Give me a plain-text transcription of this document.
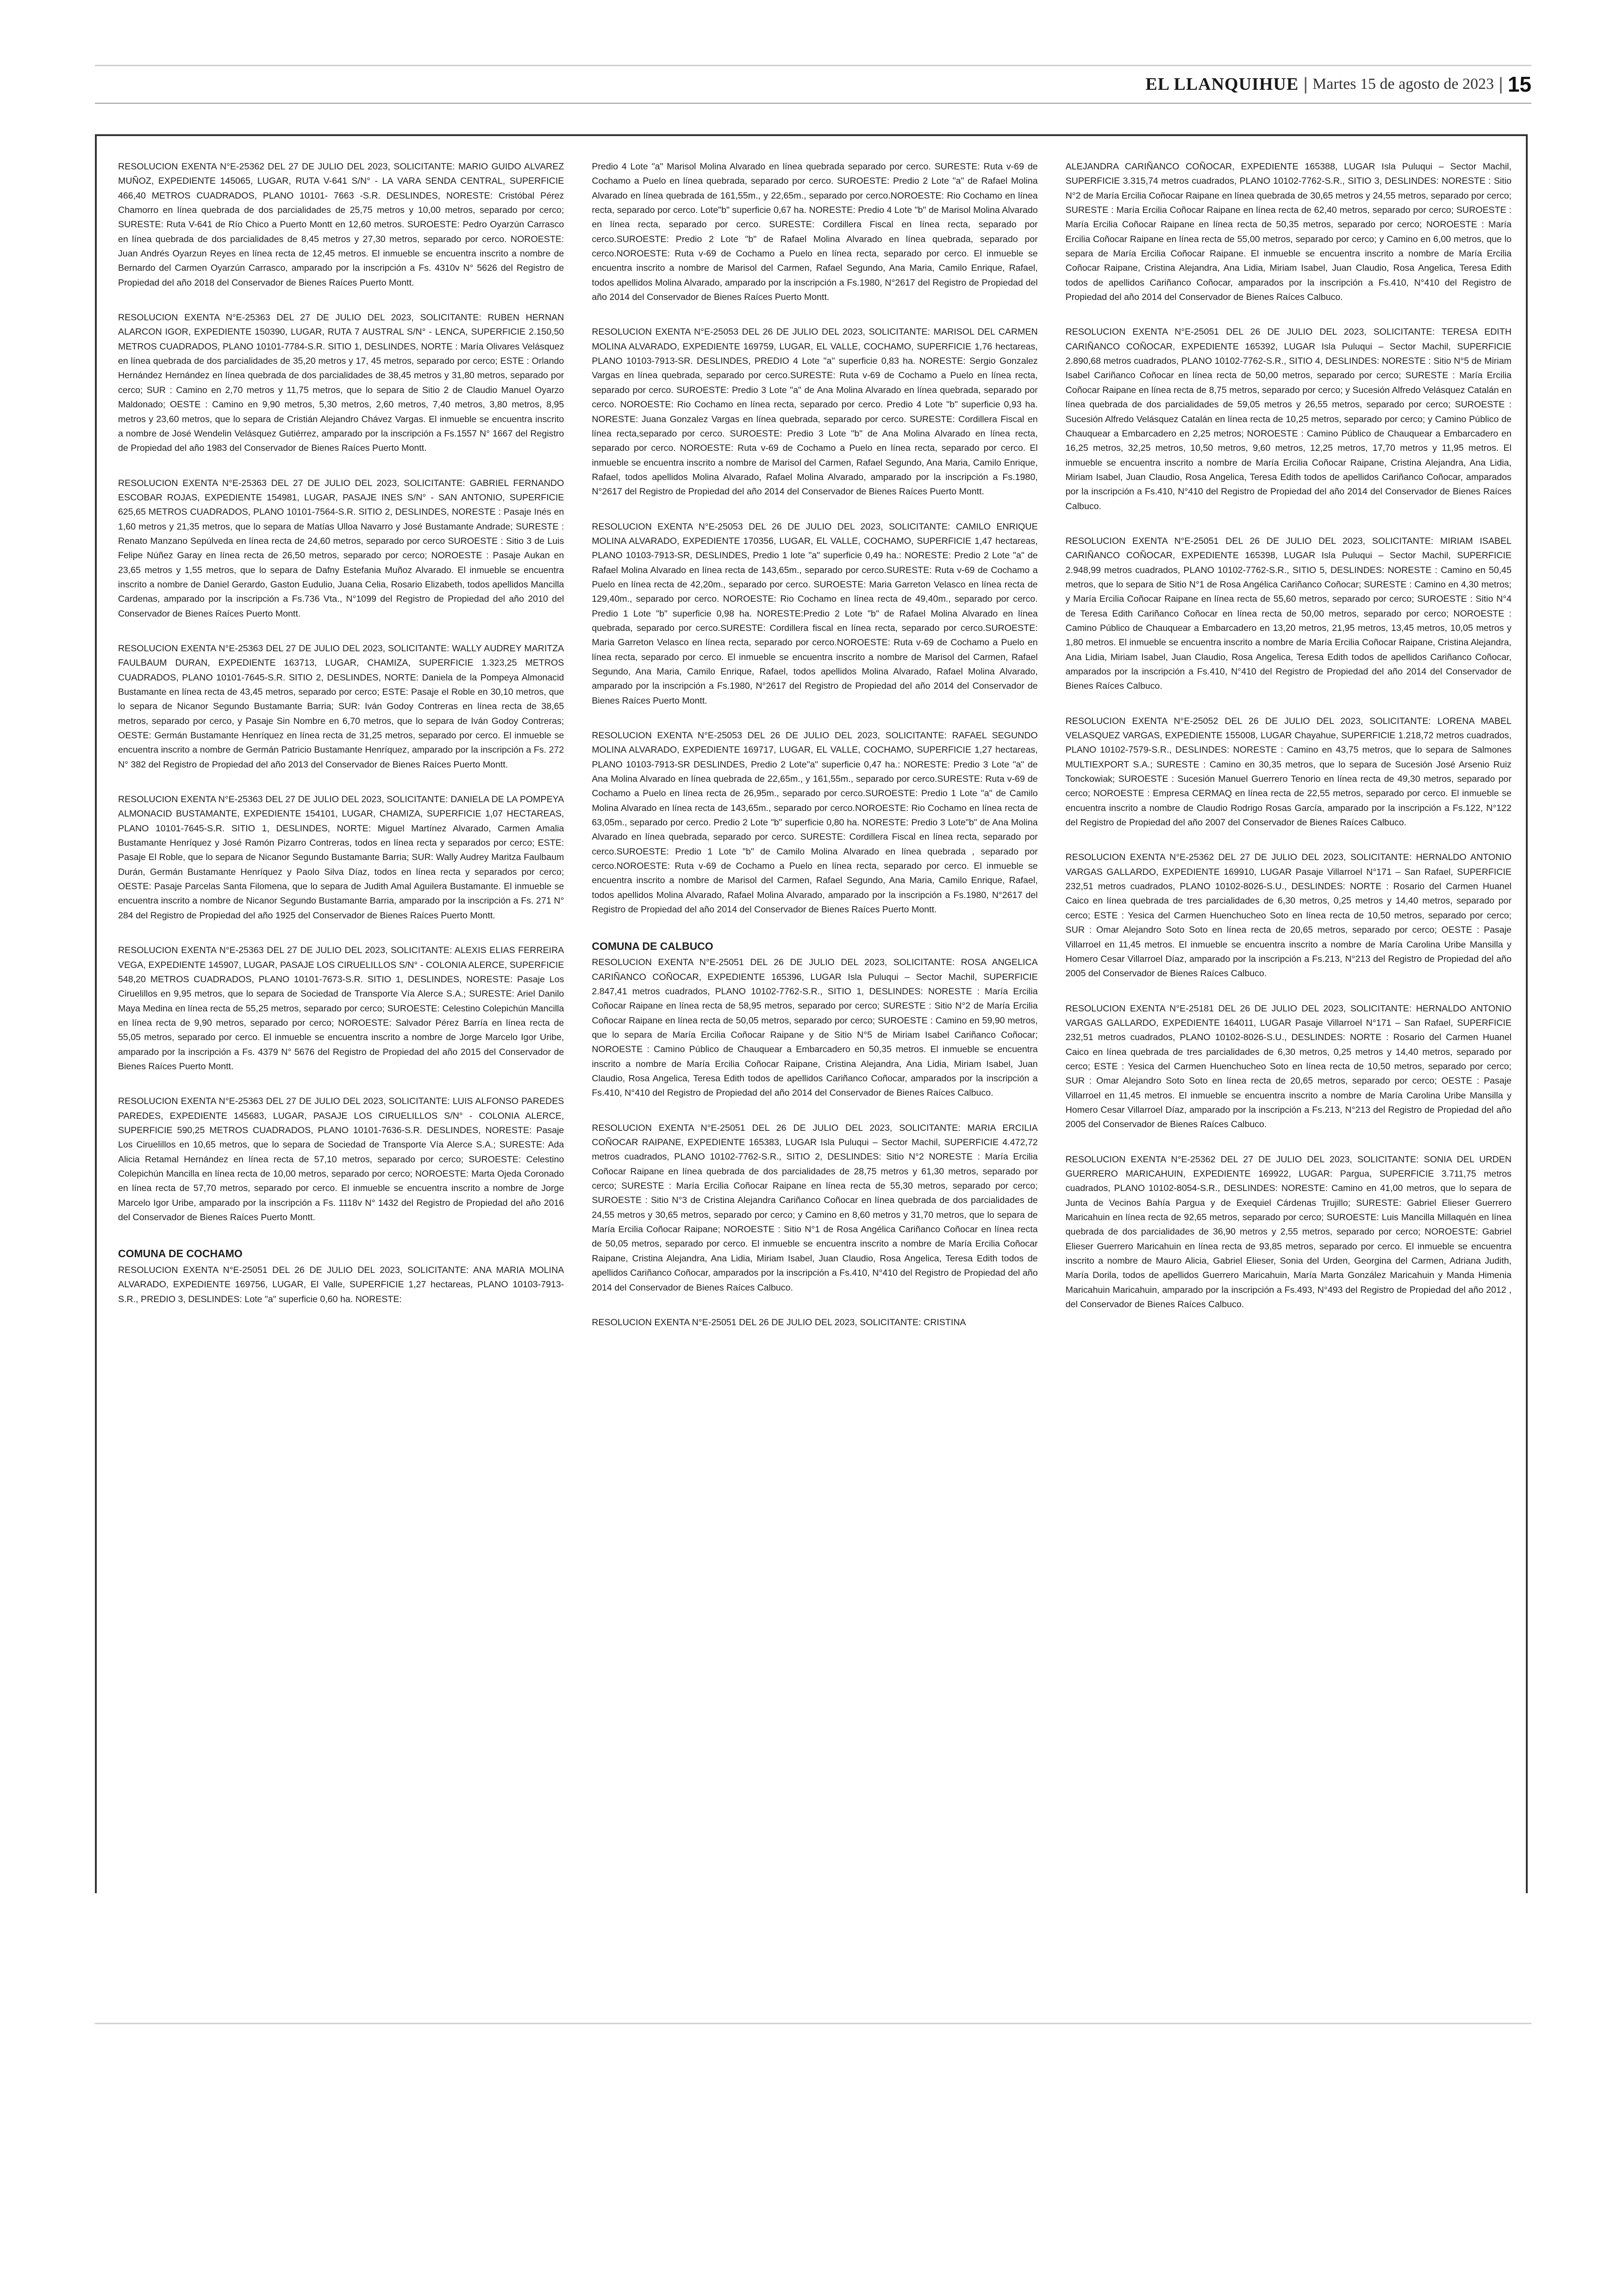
EL LLANQUIHUE | Martes 15 de agosto de 2023 | 15

RESOLUCION EXENTA N°E-25362 DEL 27 DE JULIO DEL 2023, SOLICITANTE: MARIO GUIDO ALVAREZ MUÑOZ, EXPEDIENTE 145065, LUGAR, RUTA V-641 S/N° - LA VARA SENDA CENTRAL, SUPERFICIE 466,40 METROS CUADRADOS, PLANO 10101- 7663 -S.R. DESLINDES, NORESTE: Cristóbal Pérez Chamorro en línea quebrada de dos parcialidades de 25,75 metros y 10,00 metros, separado por cerco; SURESTE: Ruta V-641 de Río Chico a Puerto Montt en 12,60 metros. SUROESTE: Pedro Oyarzún Carrasco en línea quebrada de dos parcialidades de 8,45 metros y 27,30 metros, separado por cerco. NOROESTE: Juan Andrés Oyarzun Reyes en línea recta de 12,45 metros. El inmueble se encuentra inscrito a nombre de Bernardo del Carmen Oyarzún Carrasco, amparado por la inscripción a Fs. 4310v N° 5626 del Registro de Propiedad del año 2018 del Conservador de Bienes Raíces Puerto Montt.

RESOLUCION EXENTA N°E-25363 DEL 27 DE JULIO DEL 2023, SOLICITANTE: RUBEN HERNAN ALARCON IGOR, EXPEDIENTE 150390, LUGAR, RUTA 7 AUSTRAL S/N° - LENCA, SUPERFICIE 2.150,50 METROS CUADRADOS, PLANO 10101-7784-S.R. SITIO 1, DESLINDES, NORTE : María Olivares Velásquez en línea quebrada de dos parcialidades de 35,20 metros y 17, 45 metros, separado por cerco; ESTE : Orlando Hernández Hernández en línea quebrada de dos parcialidades de 38,45 metros y 31,80 metros, separado por cerco; SUR : Camino en 2,70 metros y 11,75 metros, que lo separa de Sitio 2 de Claudio Manuel Oyarzo Maldonado; OESTE : Camino en 9,90 metros, 5,30 metros, 2,60 metros, 7,40 metros, 3,80 metros, 8,95 metros y 23,60 metros, que lo separa de Cristián Alejandro Chávez Vargas. El inmueble se encuentra inscrito a nombre de José Wendelin Velásquez Gutiérrez, amparado por la inscripción a Fs.1557 N° 1667 del Registro de Propiedad del año 1983 del Conservador de Bienes Raíces Puerto Montt.

RESOLUCION EXENTA N°E-25363 DEL 27 DE JULIO DEL 2023, SOLICITANTE: GABRIEL FERNANDO ESCOBAR ROJAS, EXPEDIENTE 154981, LUGAR, PASAJE INES S/N° - SAN ANTONIO, SUPERFICIE 625,65 METROS CUADRADOS, PLANO 10101-7564-S.R. SITIO 2, DESLINDES, NORESTE : Pasaje Inés en 1,60 metros y 21,35 metros, que lo separa de Matías Ulloa Navarro y José Bustamante Andrade; SURESTE : Renato Manzano Sepúlveda en línea recta de 24,60 metros, separado por cerco SUROESTE : Sitio 3 de Luis Felipe Núñez Garay en línea recta de 26,50 metros, separado por cerco; NOROESTE : Pasaje Aukan en 23,65 metros y 1,55 metros, que lo separa de Dafny Estefania Muñoz Alvarado. El inmueble se encuentra inscrito a nombre de Daniel Gerardo, Gaston Eudulio, Juana Celia, Rosario Elizabeth, todos apellidos Mancilla Cardenas, amparado por la inscripción a Fs.736 Vta., N°1099 del Registro de Propiedad del año 2010 del Conservador de Bienes Raíces Puerto Montt.

RESOLUCION EXENTA N°E-25363 DEL 27 DE JULIO DEL 2023, SOLICITANTE: WALLY AUDREY MARITZA FAULBAUM DURAN, EXPEDIENTE 163713, LUGAR, CHAMIZA, SUPERFICIE 1.323,25 METROS CUADRADOS, PLANO 10101-7645-S.R. SITIO 2, DESLINDES, NORTE: Daniela de la Pompeya Almonacid Bustamante en línea recta de 43,45 metros, separado por cerco; ESTE: Pasaje el Roble en 30,10 metros, que lo separa de Nicanor Segundo Bustamante Barria; SUR: Iván Godoy Contreras en línea recta de 38,65 metros, separado por cerco, y Pasaje Sin Nombre en 6,70 metros, que lo separa de Iván Godoy Contreras; OESTE: Germán Bustamante Henríquez en línea recta de 31,25 metros, separado por cerco. El inmueble se encuentra inscrito a nombre de Germán Patricio Bustamante Henríquez, amparado por la inscripción a Fs. 272 N° 382 del Registro de Propiedad del año 2013 del Conservador de Bienes Raíces Puerto Montt.

RESOLUCION EXENTA N°E-25363 DEL 27 DE JULIO DEL 2023, SOLICITANTE: DANIELA DE LA POMPEYA ALMONACID BUSTAMANTE, EXPEDIENTE 154101, LUGAR, CHAMIZA, SUPERFICIE 1,07 HECTAREAS, PLANO 10101-7645-S.R. SITIO 1, DESLINDES, NORTE: Miguel Martínez Alvarado, Carmen Amalia Bustamante Henríquez y José Ramón Pizarro Contreras, todos en línea recta y separados por cerco; ESTE: Pasaje El Roble, que lo separa de Nicanor Segundo Bustamante Barria; SUR: Wally Audrey Maritza Faulbaum Durán, Germán Bustamante Henríquez y Paolo Silva Díaz, todos en línea recta y separados por cerco; OESTE: Pasaje Parcelas Santa Filomena, que lo separa de Judith Amal Aguilera Bustamante. El inmueble se encuentra inscrito a nombre de Nicanor Segundo Bustamante Barria, amparado por la inscripción a Fs. 271 N° 284 del Registro de Propiedad del año 1925 del Conservador de Bienes Raíces Puerto Montt.

RESOLUCION EXENTA N°E-25363 DEL 27 DE JULIO DEL 2023, SOLICITANTE: ALEXIS ELIAS FERREIRA VEGA, EXPEDIENTE 145907, LUGAR, PASAJE LOS CIRUELILLOS S/N° - COLONIA ALERCE, SUPERFICIE 548,20 METROS CUADRADOS, PLANO 10101-7673-S.R. SITIO 1, DESLINDES, NORESTE: Pasaje Los Ciruelillos en 9,95 metros, que lo separa de Sociedad de Transporte Vía Alerce S.A.; SURESTE: Ariel Danilo Maya Medina en línea recta de 55,25 metros, separado por cerco; SUROESTE: Celestino Colepichún Mancilla en línea recta de 9,90 metros, separado por cerco; NOROESTE: Salvador Pérez Barría en línea recta de 55,05 metros, separado por cerco. El inmueble se encuentra inscrito a nombre de Jorge Marcelo Igor Uribe, amparado por la inscripción a Fs. 4379 N° 5676 del Registro de Propiedad del año 2015 del Conservador de Bienes Raíces Puerto Montt.

RESOLUCION EXENTA N°E-25363 DEL 27 DE JULIO DEL 2023, SOLICITANTE: LUIS ALFONSO PAREDES PAREDES, EXPEDIENTE 145683, LUGAR, PASAJE LOS CIRUELILLOS S/N° - COLONIA ALERCE, SUPERFICIE 590,25 METROS CUADRADOS, PLANO 10101-7636-S.R. DESLINDES, NORESTE: Pasaje Los Ciruelillos en 10,65 metros, que lo separa de Sociedad de Transporte Vía Alerce S.A.; SURESTE: Ada Alicia Retamal Hernández en línea recta de 57,10 metros, separado por cerco; SUROESTE: Celestino Colepichún Mancilla en línea recta de 10,00 metros, separado por cerco; NOROESTE: Marta Ojeda Coronado en línea recta de 57,70 metros, separado por cerco. El inmueble se encuentra inscrito a nombre de Jorge Marcelo Igor Uribe, amparado por la inscripción a Fs. 1118v N° 1432 del Registro de Propiedad del año 2016 del Conservador de Bienes Raíces Puerto Montt.

COMUNA DE COCHAMO

RESOLUCION EXENTA N°E-25051 DEL 26 DE JULIO DEL 2023, SOLICITANTE: ANA MARIA MOLINA ALVARADO, EXPEDIENTE 169756, LUGAR, El Valle, SUPERFICIE 1,27 hectareas, PLANO 10103-7913-S.R., PREDIO 3, DESLINDES: Lote "a" superficie 0,60 ha. NORESTE:

Predio 4 Lote "a" Marisol Molina Alvarado en línea quebrada separado por cerco. SURESTE: Ruta v-69 de Cochamo a Puelo en línea quebrada, separado por cerco. SUROESTE: Predio 2 Lote "a" de Rafael Molina Alvarado en línea quebrada de 161,55m., y 22,65m., separado por cerco.NOROESTE: Rio Cochamo en línea recta, separado por cerco. Lote"b" superficie 0,67 ha. NORESTE: Predio 4 Lote "b" de Marisol Molina Alvarado en línea recta, separado por cerco. SURESTE: Cordillera Fiscal en línea recta, separado por cerco.SUROESTE: Predio 2 Lote "b" de Rafael Molina Alvarado en línea quebrada, separado por cerco.NOROESTE: Ruta v-69 de Cochamo a Puelo en línea recta, separado por cerco. El inmueble se encuentra inscrito a nombre de Marisol del Carmen, Rafael Segundo, Ana Maria, Camilo Enrique, Rafael, todos apellidos Molina Alvarado, amparado por la inscripción a Fs.1980, N°2617 del Registro de Propiedad del año 2014 del Conservador de Bienes Raíces Puerto Montt.

RESOLUCION EXENTA N°E-25053 DEL 26 DE JULIO DEL 2023, SOLICITANTE: MARISOL DEL CARMEN MOLINA ALVARADO, EXPEDIENTE 169759, LUGAR, EL VALLE, COCHAMO, SUPERFICIE 1,76 hectareas, PLANO 10103-7913-SR. DESLINDES, PREDIO 4 Lote "a" superficie 0,83 ha. NORESTE: Sergio Gonzalez Vargas en línea quebrada, separado por cerco.SURESTE: Ruta v-69 de Cochamo a Puelo en línea recta, separado por cerco. SUROESTE: Predio 3 Lote "a" de Ana Molina Alvarado en línea quebrada, separado por cerco. NOROESTE: Rio Cochamo en línea recta, separado por cerco. Predio 4 Lote "b" superficie 0,93 ha. NORESTE: Juana Gonzalez Vargas en línea quebrada, separado por cerco. SURESTE: Cordillera Fiscal en línea recta,separado por cerco. SUROESTE: Predio 3 Lote "b" de Ana Molina Alvarado en línea recta, separado por cerco. NOROESTE: Ruta v-69 de Cochamo a Puelo en línea recta, separado por cerco. El inmueble se encuentra inscrito a nombre de Marisol del Carmen, Rafael Segundo, Ana Maria, Camilo Enrique, Rafael, todos apellidos Molina Alvarado, Rafael Molina Alvarado, amparado por la inscripción a Fs.1980, N°2617 del Registro de Propiedad del año 2014 del Conservador de Bienes Raíces Puerto Montt.

RESOLUCION EXENTA N°E-25053 DEL 26 DE JULIO DEL 2023, SOLICITANTE: CAMILO ENRIQUE MOLINA ALVARADO, EXPEDIENTE 170356, LUGAR, EL VALLE, COCHAMO, SUPERFICIE 1,47 hectareas, PLANO 10103-7913-SR, DESLINDES, Predio 1 lote "a" superficie 0,49 ha.: NORESTE: Predio 2 Lote "a" de Rafael Molina Alvarado en línea recta de 143,65m., separado por cerco.SURESTE: Ruta v-69 de Cochamo a Puelo en línea recta de 42,20m., separado por cerco. SUROESTE: Maria Garreton Velasco en línea recta de 129,40m., separado por cerco. NOROESTE: Rio Cochamo en línea recta de 49,40m., separado por cerco. Predio 1 Lote "b" superficie 0,98 ha. NORESTE:Predio 2 Lote "b" de Rafael Molina Alvarado en línea quebrada, separado por cerco.SURESTE: Cordillera fiscal en línea recta, separado por cerco.SUROESTE: Maria Garreton Velasco en línea recta, separado por cerco.NOROESTE: Ruta v-69 de Cochamo a Puelo en línea recta, separado por cerco. El inmueble se encuentra inscrito a nombre de Marisol del Carmen, Rafael Segundo, Ana Maria, Camilo Enrique, Rafael, todos apellidos Molina Alvarado, Rafael Molina Alvarado, amparado por la inscripción a Fs.1980, N°2617 del Registro de Propiedad del año 2014 del Conservador de Bienes Raíces Puerto Montt.

RESOLUCION EXENTA N°E-25053 DEL 26 DE JULIO DEL 2023, SOLICITANTE: RAFAEL SEGUNDO MOLINA ALVARADO, EXPEDIENTE 169717, LUGAR, EL VALLE, COCHAMO, SUPERFICIE 1,27 hectareas, PLANO 10103-7913-SR DESLINDES, Predio 2 Lote"a" superficie 0,47 ha.: NORESTE: Predio 3 Lote "a" de Ana Molina Alvarado en línea quebrada de 22,65m., y 161,55m., separado por cerco.SURESTE: Ruta v-69 de Cochamo a Puelo en línea recta de 26,95m., separado por cerco.SUROESTE: Predio 1 Lote "a" de Camilo Molina Alvarado en línea recta de 143,65m., separado por cerco.NOROESTE: Rio Cochamo en línea recta de 63,05m., separado por cerco. Predio 2 Lote "b" superficie 0,80 ha. NORESTE: Predio 3 Lote"b" de Ana Molina Alvarado en línea quebrada, separado por cerco. SURESTE: Cordillera Fiscal en línea recta, separado por cerco.SUROESTE: Predio 1 Lote "b" de Camilo Molina Alvarado en línea quebrada , separado por cerco.NOROESTE: Ruta v-69 de Cochamo a Puelo en línea recta, separado por cerco. El inmueble se encuentra inscrito a nombre de Marisol del Carmen, Rafael Segundo, Ana Maria, Camilo Enrique, Rafael, todos apellidos Molina Alvarado, Rafael Molina Alvarado, amparado por la inscripción a Fs.1980, N°2617 del Registro de Propiedad del año 2014 del Conservador de Bienes Raíces Puerto Montt.

COMUNA DE CALBUCO

RESOLUCION EXENTA N°E-25051 DEL 26 DE JULIO DEL 2023, SOLICITANTE: ROSA ANGELICA CARIÑANCO COÑOCAR, EXPEDIENTE 165396, LUGAR Isla Puluqui – Sector Machil, SUPERFICIE 2.847,41 metros cuadrados, PLANO 10102-7762-S.R., SITIO 1, DESLINDES: NORESTE : María Ercilia Coñocar Raipane en línea recta de 58,95 metros, separado por cerco; SURESTE : Sitio N°2 de María Ercilia Coñocar Raipane en línea recta de 50,05 metros, separado por cerco; SUROESTE : Camino en 59,90 metros, que lo separa de María Ercilia Coñocar Raipane y de Sitio N°5 de Miriam Isabel Cariñanco Coñocar; NOROESTE : Camino Público de Chauquear a Embarcadero en 50,35 metros. El inmueble se encuentra inscrito a nombre de María Ercilia Coñocar Raipane, Cristina Alejandra, Ana Lidia, Miriam Isabel, Juan Claudio, Rosa Angelica, Teresa Edith todos de apellidos Cariñanco Coñocar, amparados por la inscripción a Fs.410, N°410 del Registro de Propiedad del año 2014 del Conservador de Bienes Raíces Calbuco.

RESOLUCION EXENTA N°E-25051 DEL 26 DE JULIO DEL 2023, SOLICITANTE: MARIA ERCILIA COÑOCAR RAIPANE, EXPEDIENTE 165383, LUGAR Isla Puluqui – Sector Machil, SUPERFICIE 4.472,72 metros cuadrados, PLANO 10102-7762-S.R., SITIO 2, DESLINDES: Sitio N°2 NORESTE : María Ercilia Coñocar Raipane en línea quebrada de dos parcialidades de 28,75 metros y 61,30 metros, separado por cerco; SURESTE : María Ercilia Coñocar Raipane en línea recta de 55,30 metros, separado por cerco; SUROESTE : Sitio N°3 de Cristina Alejandra Cariñanco Coñocar en línea quebrada de dos parcialidades de 24,55 metros y 30,65 metros, separado por cerco; y Camino en 8,60 metros y 31,70 metros, que lo separa de María Ercilia Coñocar Raipane; NOROESTE : Sitio N°1 de Rosa Angélica Cariñanco Coñocar en línea recta de 50,05 metros, separado por cerco. El inmueble se encuentra inscrito a nombre de María Ercilia Coñocar Raipane, Cristina Alejandra, Ana Lidia, Miriam Isabel, Juan Claudio, Rosa Angelica, Teresa Edith todos de apellidos Cariñanco Coñocar, amparados por la inscripción a Fs.410, N°410 del Registro de Propiedad del año 2014 del Conservador de Bienes Raíces Calbuco.

RESOLUCION EXENTA N°E-25051 DEL 26 DE JULIO DEL 2023, SOLICITANTE: CRISTINA

ALEJANDRA CARIÑANCO COÑOCAR, EXPEDIENTE 165388, LUGAR Isla Puluqui – Sector Machil, SUPERFICIE 3.315,74 metros cuadrados, PLANO 10102-7762-S.R., SITIO 3, DESLINDES: NORESTE : Sitio N°2 de María Ercilia Coñocar Raipane en línea quebrada de 30,65 metros y 24,55 metros, separado por cerco; SURESTE : María Ercilia Coñocar Raipane en línea recta de 62,40 metros, separado por cerco; SUROESTE : María Ercilia Coñocar Raipane en línea recta de 50,35 metros, separado por cerco; NOROESTE : María Ercilia Coñocar Raipane en línea recta de 55,00 metros, separado por cerco; y Camino en 6,00 metros, que lo separa de María Ercilia Coñocar Raipane. El inmueble se encuentra inscrito a nombre de María Ercilia Coñocar Raipane, Cristina Alejandra, Ana Lidia, Miriam Isabel, Juan Claudio, Rosa Angelica, Teresa Edith todos de apellidos Cariñanco Coñocar, amparados por la inscripción a Fs.410, N°410 del Registro de Propiedad del año 2014 del Conservador de Bienes Raíces Calbuco.

RESOLUCION EXENTA N°E-25051 DEL 26 DE JULIO DEL 2023, SOLICITANTE: TERESA EDITH CARIÑANCO COÑOCAR, EXPEDIENTE 165392, LUGAR Isla Puluqui – Sector Machil, SUPERFICIE 2.890,68 metros cuadrados, PLANO 10102-7762-S.R., SITIO 4, DESLINDES: NORESTE : Sitio N°5 de Miriam Isabel Cariñanco Coñocar en línea recta de 50,00 metros, separado por cerco; SURESTE : María Ercilia Coñocar Raipane en línea recta de 8,75 metros, separado por cerco; y Sucesión Alfredo Velásquez Catalán en línea quebrada de dos parcialidades de 59,05 metros y 26,55 metros, separado por cerco; SUROESTE : Sucesión Alfredo Velásquez Catalán en línea recta de 10,25 metros, separado por cerco; y Camino Público de Chauquear a Embarcadero en 2,25 metros; NOROESTE : Camino Público de Chauquear a Embarcadero en 16,25 metros, 32,25 metros, 10,50 metros, 9,60 metros, 12,25 metros, 17,70 metros y 11,95 metros. El inmueble se encuentra inscrito a nombre de María Ercilia Coñocar Raipane, Cristina Alejandra, Ana Lidia, Miriam Isabel, Juan Claudio, Rosa Angelica, Teresa Edith todos de apellidos Cariñanco Coñocar, amparados por la inscripción a Fs.410, N°410 del Registro de Propiedad del año 2014 del Conservador de Bienes Raíces Calbuco.

RESOLUCION EXENTA N°E-25051 DEL 26 DE JULIO DEL 2023, SOLICITANTE: MIRIAM ISABEL CARIÑANCO COÑOCAR, EXPEDIENTE 165398, LUGAR Isla Puluqui – Sector Machil, SUPERFICIE 2.948,99 metros cuadrados, PLANO 10102-7762-S.R., SITIO 5, DESLINDES: NORESTE : Camino en 50,45 metros, que lo separa de Sitio N°1 de Rosa Angélica Cariñanco Coñocar; SURESTE : Camino en 4,30 metros; y María Ercilia Coñocar Raipane en línea recta de 55,60 metros, separado por cerco; SUROESTE : Sitio N°4 de Teresa Edith Cariñanco Coñocar en línea recta de 50,00 metros, separado por cerco; NOROESTE : Camino Público de Chauquear a Embarcadero en 13,20 metros, 21,95 metros, 13,45 metros, 10,05 metros y 1,80 metros. El inmueble se encuentra inscrito a nombre de María Ercilia Coñocar Raipane, Cristina Alejandra, Ana Lidia, Miriam Isabel, Juan Claudio, Rosa Angelica, Teresa Edith todos de apellidos Cariñanco Coñocar, amparados por la inscripción a Fs.410, N°410 del Registro de Propiedad del año 2014 del Conservador de Bienes Raíces Calbuco.

RESOLUCION EXENTA N°E-25052 DEL 26 DE JULIO DEL 2023, SOLICITANTE: LORENA MABEL VELASQUEZ VARGAS, EXPEDIENTE 155008, LUGAR Chayahue, SUPERFICIE 1.218,72 metros cuadrados, PLANO 10102-7579-S.R., DESLINDES: NORESTE : Camino en 43,75 metros, que lo separa de Salmones MULTIEXPORT S.A.; SURESTE : Camino en 30,35 metros, que lo separa de Sucesión José Arsenio Ruiz Tonckowiak; SUROESTE : Sucesión Manuel Guerrero Tenorio en línea recta de 49,30 metros, separado por cerco; NOROESTE : Empresa CERMAQ en línea recta de 22,55 metros, separado por cerco. El inmueble se encuentra inscrito a nombre de Claudio Rodrigo Rosas García, amparado por la inscripción a Fs.122, N°122 del Registro de Propiedad del año 2007 del Conservador de Bienes Raíces Calbuco.

RESOLUCION EXENTA N°E-25362 DEL 27 DE JULIO DEL 2023, SOLICITANTE: HERNALDO ANTONIO VARGAS GALLARDO, EXPEDIENTE 169910, LUGAR Pasaje Villarroel N°171 – San Rafael, SUPERFICIE 232,51 metros cuadrados, PLANO 10102-8026-S.U., DESLINDES: NORTE : Rosario del Carmen Huanel Caico en línea quebrada de tres parcialidades de 6,30 metros, 0,25 metros y 14,40 metros, separado por cerco; ESTE : Yesica del Carmen Huenchucheo Soto en línea recta de 10,50 metros, separado por cerco; SUR : Omar Alejandro Soto Soto en línea recta de 20,65 metros, separado por cerco; OESTE : Pasaje Villarroel en 11,45 metros. El inmueble se encuentra inscrito a nombre de María Carolina Uribe Mansilla y Homero Cesar Villarroel Díaz, amparado por la inscripción a Fs.213, N°213 del Registro de Propiedad del año 2005 del Conservador de Bienes Raíces Calbuco.

RESOLUCION EXENTA N°E-25181 DEL 26 DE JULIO DEL 2023, SOLICITANTE: HERNALDO ANTONIO VARGAS GALLARDO, EXPEDIENTE 164011, LUGAR Pasaje Villarroel N°171 – San Rafael, SUPERFICIE 232,51 metros cuadrados, PLANO 10102-8026-S.U., DESLINDES: NORTE : Rosario del Carmen Huanel Caico en línea quebrada de tres parcialidades de 6,30 metros, 0,25 metros y 14,40 metros, separado por cerco; ESTE : Yesica del Carmen Huenchucheo Soto en línea recta de 10,50 metros, separado por cerco; SUR : Omar Alejandro Soto Soto en línea recta de 20,65 metros, separado por cerco; OESTE : Pasaje Villarroel en 11,45 metros. El inmueble se encuentra inscrito a nombre de María Carolina Uribe Mansilla y Homero Cesar Villarroel Díaz, amparado por la inscripción a Fs.213, N°213 del Registro de Propiedad del año 2005 del Conservador de Bienes Raíces Calbuco.

RESOLUCION EXENTA N°E-25362 DEL 27 DE JULIO DEL 2023, SOLICITANTE: SONIA DEL URDEN GUERRERO MARICAHUIN, EXPEDIENTE 169922, LUGAR: Pargua, SUPERFICIE 3.711,75 metros cuadrados, PLANO 10102-8054-S.R., DESLINDES: NORESTE: Camino en 41,00 metros, que lo separa de Junta de Vecinos Bahía Pargua y de Exequiel Cárdenas Trujillo; SURESTE: Gabriel Elieser Guerrero Maricahuin en línea recta de 92,65 metros, separado por cerco; SUROESTE: Luis Mancilla Millaquén en línea quebrada de dos parcialidades de 36,90 metros y 2,55 metros, separado por cerco; NOROESTE: Gabriel Elieser Guerrero Maricahuin en línea recta de 93,85 metros, separado por cerco. El inmueble se encuentra inscrito a nombre de Mauro Alicia, Gabriel Elieser, Sonia del Urden, Georgina del Carmen, Adriana Judith, María Dorila, todos de apellidos Guerrero Maricahuin, María Marta González Maricahuin y Manda Himenia Maricahuin Maricahuin, amparado por la inscripción a Fs.493, N°493 del Registro de Propiedad del año 2012 , del Conservador de Bienes Raíces Calbuco.
